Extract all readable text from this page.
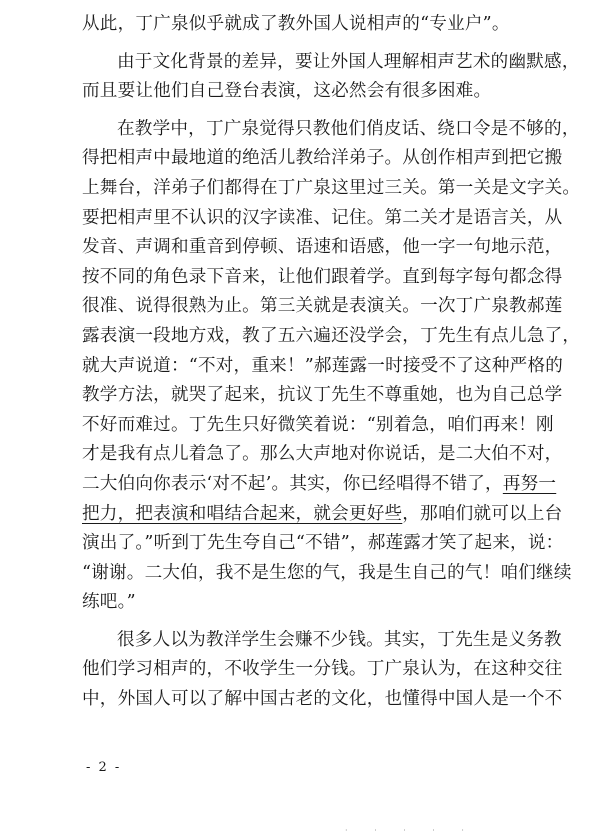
从此，丁广泉似乎就成了教外国人说相声的“专业户”。
由于文化背景的差异，要让外国人理解相声艺术的幽默感，
而且要让他们自己登台表演，这必然会有很多困难。
在教学中，丁广泉觉得只教他们俏皮话、绕口令是不够的，
得把相声中最地道的绝活儿教给洋弟子。从创作相声到把它搬
上舞台，洋弟子们都得在丁广泉这里过三关。第一关是文字关。
要把相声里不认识的汉字读准、记住。第二关才是语言关，从
发音、声调和重音到停顿、语速和语感，他一字一句地示范，
按不同的角色录下音来，让他们跟着学。直到每字每句都念得
很准、说得很熟为止。第三关就是表演关。一次丁广泉教郝莲
露表演一段地方戏，教了五六遍还没学会，丁先生有点儿急了，
就大声说道：“不对，重来！”郝莲露一时接受不了这种严格的
教学方法，就哭了起来，抗议丁先生不尊重她，也为自己总学
不好而难过。丁先生只好微笑着说：“别着急，咱们再来！刚
才是我有点儿着急了。那么大声地对你说话，是二大伯不对，
二大伯向你表示‘对不起’。其实，你已经唱得不错了，再努一
把力，把表演和唱结合起来，就会更好些，那咱们就可以上台
演出了。”听到丁先生夸自己“不错”，郝莲露才笑了起来，说：
“谢谢。二大伯，我不是生您的气，我是生自己的气！咱们继续
练吧。”
很多人以为教洋学生会赚不少钱。其实，丁先生是义务教
他们学习相声的，不收学生一分钱。丁广泉认为，在这种交往
中，外国人可以了解中国古老的文化，也懂得中国人是一个不
- 2 -
· · · · ·
